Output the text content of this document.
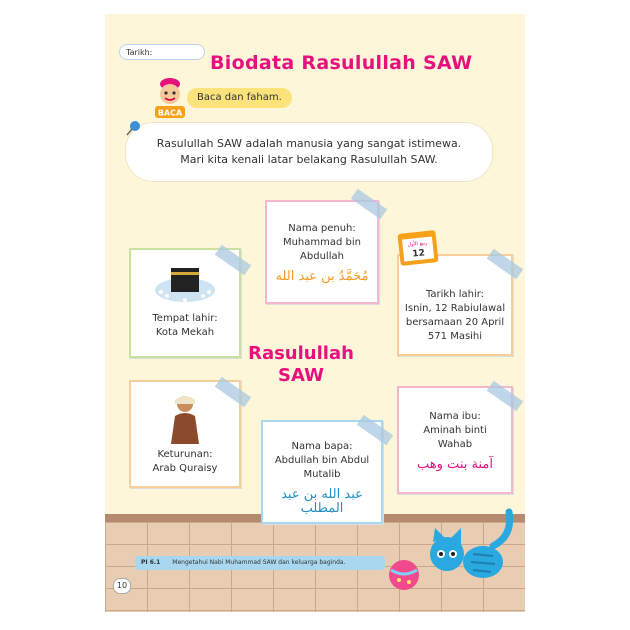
Tarikh:	Biodata Rasulullah SAW
BACA
Baca dan faham.
Rasulullah SAW adalah manusia yang sangat istimewa.
Mari kita kenali latar belakang Rasulullah SAW.
Nama penuh:
Muhammad bin
Abdullah
مُحَمَّدٌ بن عبد الله
Tempat lahir:
Kota Mekah
Tarikh lahir:
Isnin, 12 Rabiulawal
bersamaan 20 April
571 Masihi
ربيع الأول
12
Rasulullah
SAW
Keturunan:
Arab Quraisy
Nama bapa:
Abdullah bin Abdul
Mutalib
عبد الله بن عبد المطلب
Nama ibu:
Aminah binti
Wahab
آمنة بنت وهب
PI 6.1 Mengetahui Nabi Muhammad SAW dan keluarga baginda.
10
